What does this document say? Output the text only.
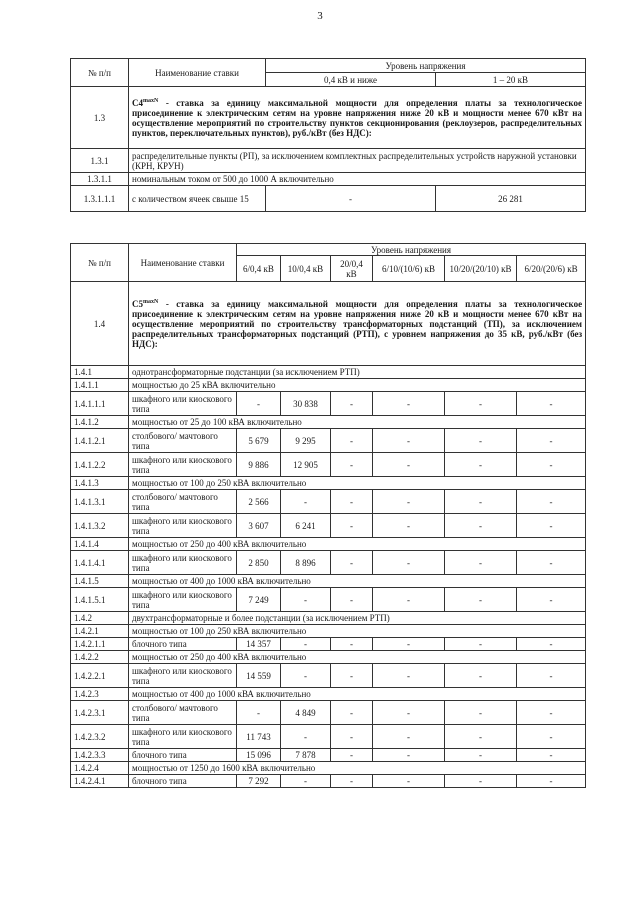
3
№ п/п	Наименование ставки	Уровень напряжения	
		0,4 кВ и ниже	1 – 20 кВ
1.3	$С4^{maxN}$ - ставка за единицу максимальной мощности для определения платы за технологическое присоединение к электрическим сетям на уровне напряжения ниже 20 кВ и мощности менее 670 кВт на осуществление мероприятий по строительству пунктов секционирования (реклоузеров, распределительных пунктов, переключательных пунктов), руб./кВт (без НДС):		
1.3.1	распределительные пункты (РП), за исключением комплектных распределительных устройств наружной установки (КРН, КРУН)		
1.3.1.1	номинальным током от 500 до 1000 А включительно		
1.3.1.1.1	с количеством ячеек свыше 15	-	26 281
№ п/п	Наименование ставки	Уровень напряжения					
		6/0,4 кВ	10/0,4 кВ	20/0,4 кВ	6/10/(10/6) кВ	10/20/(20/10) кВ	6/20/(20/6) кВ
1.4	$С5^{maxN}$ - ставка за единицу максимальной мощности для определения платы за технологическое присоединение к электрическим сетям на уровне напряжения ниже 20 кВ и мощности менее 670 кВт на осуществление мероприятий по строительству трансформаторных подстанций (ТП), за исключением распределительных трансформаторных подстанций (РТП), с уровнем напряжения до 35 кВ, руб./кВт (без НДС):						
1.4.1	однотрансформаторные подстанции (за исключением РТП)						
1.4.1.1	мощностью до 25 кВА включительно						
1.4.1.1.1	шкафного или киоскового типа	-	30 838	-	-	-	-
1.4.1.2	мощностью от 25 до 100 кВА включительно						
1.4.1.2.1	столбового/ мачтового типа	5 679	9 295	-	-	-	-
1.4.1.2.2	шкафного или киоскового типа	9 886	12 905	-	-	-	-
1.4.1.3	мощностью от 100 до 250 кВА включительно						
1.4.1.3.1	столбового/ мачтового типа	2 566	-	-	-	-	-
1.4.1.3.2	шкафного или киоскового типа	3 607	6 241	-	-	-	-
1.4.1.4	мощностью от 250 до 400 кВА включительно						
1.4.1.4.1	шкафного или киоскового типа	2 850	8 896	-	-	-	-
1.4.1.5	мощностью от 400 до 1000 кВА включительно						
1.4.1.5.1	шкафного или киоскового типа	7 249	-	-	-	-	-
1.4.2	двухтрансформаторные и более подстанции (за исключением РТП)						
1.4.2.1	мощностью от 100 до 250 кВА включительно						
1.4.2.1.1	блочного типа	14 357	-	-	-	-	-
1.4.2.2	мощностью от 250 до 400 кВА включительно						
1.4.2.2.1	шкафного или киоскового типа	14 559	-	-	-	-	-
1.4.2.3	мощностью от 400 до 1000 кВА включительно						
1.4.2.3.1	столбового/ мачтового типа	-	4 849	-	-	-	-
1.4.2.3.2	шкафного или киоскового типа	11 743	-	-	-	-	-
1.4.2.3.3	блочного типа	15 096	7 878	-	-	-	-
1.4.2.4	мощностью от 1250 до 1600 кВА включительно						
1.4.2.4.1	блочного типа	7 292	-	-	-	-	-
